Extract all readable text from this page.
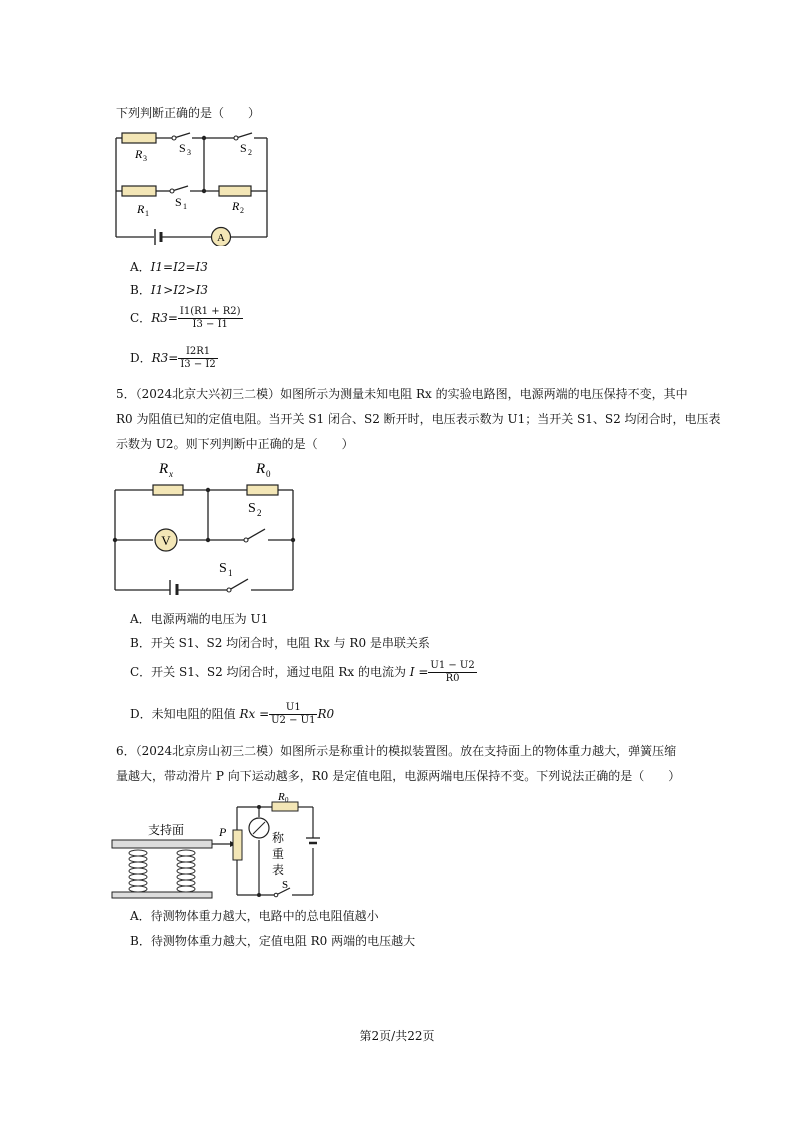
下列判断正确的是（　　）
A
R 3
S 3	S 2
R 1
S 1	R 2
A．I1=I2=I3
B．I1>I2>I3
C．$R3= \frac{I1(R1 + R2)}{I3 - I1}$
D．$R3= \frac{I2R1}{I3 - I2}$
5．（2024北京大兴初三二模）如图所示为测量未知电阻 Rx 的实验电路图，电源两端的电压保持不变，其中
R0 为阻值已知的定值电阻。当开关 S1 闭合、S2 断开时，电压表示数为 U1；当开关 S1、S2 均闭合时，电压表
示数为 U2。则下列判断中正确的是（　　）
V
R x	R 0
S 2
S 1
A．电源两端的电压为 U1
B．开关 S1、S2 均闭合时，电阻 Rx 与 R0 是串联关系
C．开关 S1、S2 均闭合时，通过电阻 Rx 的电流为 $I = \frac{U1 - U2}{R0}$
D．未知电阻的阻值 $Rx = \frac{U1}{U2 - U1} R0$
6．（2024北京房山初三二模）如图所示是称重计的模拟装置图。放在支持面上的物体重力越大，弹簧压缩
量越大，带动滑片 P 向下运动越多，R0 是定值电阻，电源两端电压保持不变。下列说法正确的是（　　）
支持面	P
R 0
称
重
表
S
A．待测物体重力越大，电路中的总电阻值越小
B．待测物体重力越大，定值电阻 R0 两端的电压越大
第2页/共22页
